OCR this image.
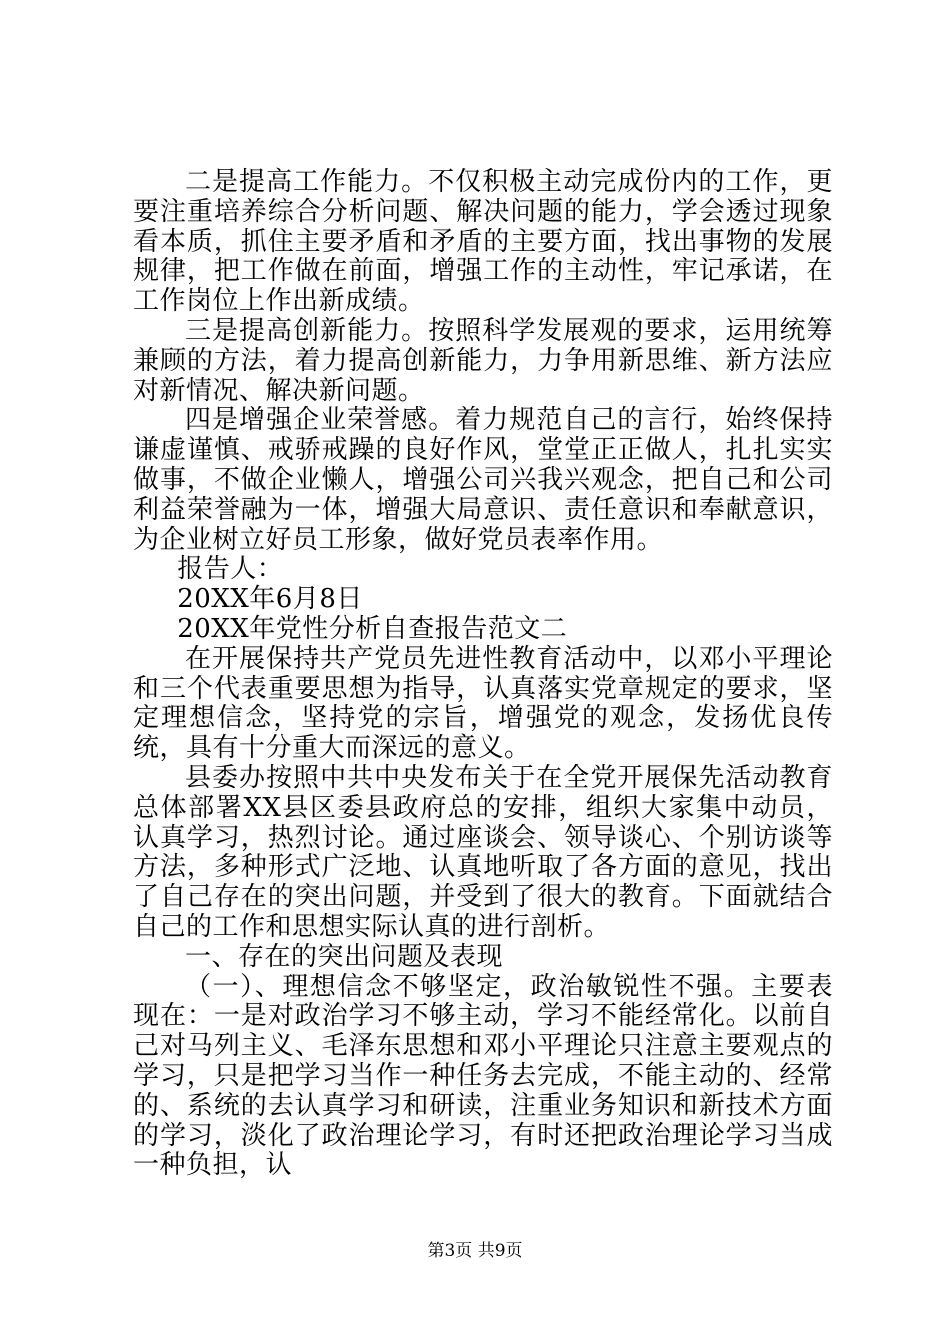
二是提高工作能力。不仅积极主动完成份内的工作，更要注重培养综合分析问题、解决问题的能力，学会透过现象看本质，抓住主要矛盾和矛盾的主要方面，找出事物的发展规律，把工作做在前面，增强工作的主动性，牢记承诺，在工作岗位上作出新成绩。

三是提高创新能力。按照科学发展观的要求，运用统筹兼顾的方法，着力提高创新能力，力争用新思维、新方法应对新情况、解决新问题。

四是增强企业荣誉感。着力规范自己的言行，始终保持谦虚谨慎、戒骄戒躁的良好作风，堂堂正正做人，扎扎实实做事，不做企业懒人，增强公司兴我兴观念，把自己和公司利益荣誉融为一体，增强大局意识、责任意识和奉献意识，为企业树立好员工形象，做好党员表率作用。

报告人：

20XX年6月8日

20XX年党性分析自查报告范文二

在开展保持共产党员先进性教育活动中，以邓小平理论和三个代表重要思想为指导，认真落实党章规定的要求，坚定理想信念，坚持党的宗旨，增强党的观念，发扬优良传统，具有十分重大而深远的意义。

县委办按照中共中央发布关于在全党开展保先活动教育总体部署XX县区委县政府总的安排，组织大家集中动员，认真学习，热烈讨论。通过座谈会、领导谈心、个别访谈等方法，多种形式广泛地、认真地听取了各方面的意见，找出了自己存在的突出问题，并受到了很大的教育。下面就结合自己的工作和思想实际认真的进行剖析。

一、存在的突出问题及表现

（一）、理想信念不够坚定，政治敏锐性不强。主要表现在：一是对政治学习不够主动，学习不能经常化。以前自己对马列主义、毛泽东思想和邓小平理论只注意主要观点的学习，只是把学习当作一种任务去完成，不能主动的、经常的、系统的去认真学习和研读，注重业务知识和新技术方面的学习，淡化了政治理论学习，有时还把政治理论学习当成一种负担，认

第3页 共9页
